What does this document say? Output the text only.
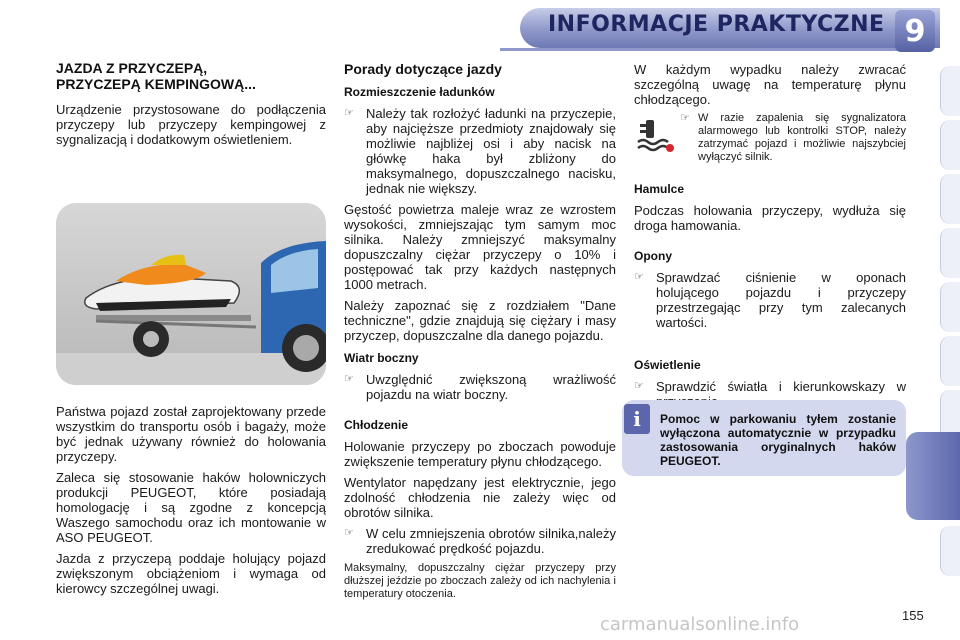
INFORMACJE PRAKTYCZNE 9
JAZDA Z PRZYCZEPĄ, PRZYCZEPĄ KEMPINGOWĄ...

Urządzenie przystosowane do podłączenia przyczepy lub przyczepy kempingowej z sygnalizacją i dodatkowym oświetleniem.

Państwa pojazd został zaprojektowany przede wszystkim do transportu osób i bagaży, może być jednak używany również do holowania przyczepy.

Zaleca się stosowanie haków holowniczych produkcji PEUGEOT, które posiadają homologację i są zgodne z koncepcją Waszego samochodu oraz ich montowanie w ASO PEUGEOT.

Jazda z przyczepą poddaje holujący pojazd zwiększonym obciążeniom i wymaga od kierowcy szczególnej uwagi.

Porady dotyczące jazdy
Rozmieszczenie ładunków
☞ Należy tak rozłożyć ładunki na przyczepie, aby najcięższe przedmioty znajdowały się możliwie najbliżej osi i aby nacisk na główkę haka był zbliżony do maksymalnego, dopuszczalnego nacisku, jednak nie większy.

Gęstość powietrza maleje wraz ze wzrostem wysokości, zmniejszając tym samym moc silnika. Należy zmniejszyć maksymalny dopuszczalny ciężar przyczepy o 10% i postępować tak przy każdych następnych 1000 metrach.

Należy zapoznać się z rozdziałem "Dane techniczne", gdzie znajdują się ciężary i masy przyczep, dopuszczalne dla danego pojazdu.

Wiatr boczny
☞ Uwzględnić zwiększoną wrażliwość pojazdu na wiatr boczny.
Chłodzenie

Holowanie przyczepy po zboczach powoduje zwiększenie temperatury płynu chłodzącego.

Wentylator napędzany jest elektrycznie, jego zdolność chłodzenia nie zależy więc od obrotów silnika.

☞ W celu zmniejszenia obrotów silnika,należy zredukować prędkość pojazdu.

Maksymalny, dopuszczalny ciężar przyczepy przy dłuższej jeździe po zboczach zależy od ich nachylenia i temperatury otoczenia.

W każdym wypadku należy zwracać szczególną uwagę na temperaturę płynu chłodzącego.

☞ W razie zapalenia się sygnalizatora alarmowego lub kontrolki STOP, należy zatrzymać pojazd i możliwie najszybciej wyłączyć silnik.
Hamulce

Podczas holowania przyczepy, wydłuża się droga hamowania.

Opony
☞ Sprawdzać ciśnienie w oponach holującego pojazdu i przyczepy przestrzegając przy tym zalecanych wartości.
Oświetlenie
☞ Sprawdzić światła i kierunkowskazy w
i	Pomoc w parkowaniu tyłem zostanie wyłączona automatycznie w przypadku zastosowania oryginalnych haków PEUGEOT.
carmanualsonline.info	155
